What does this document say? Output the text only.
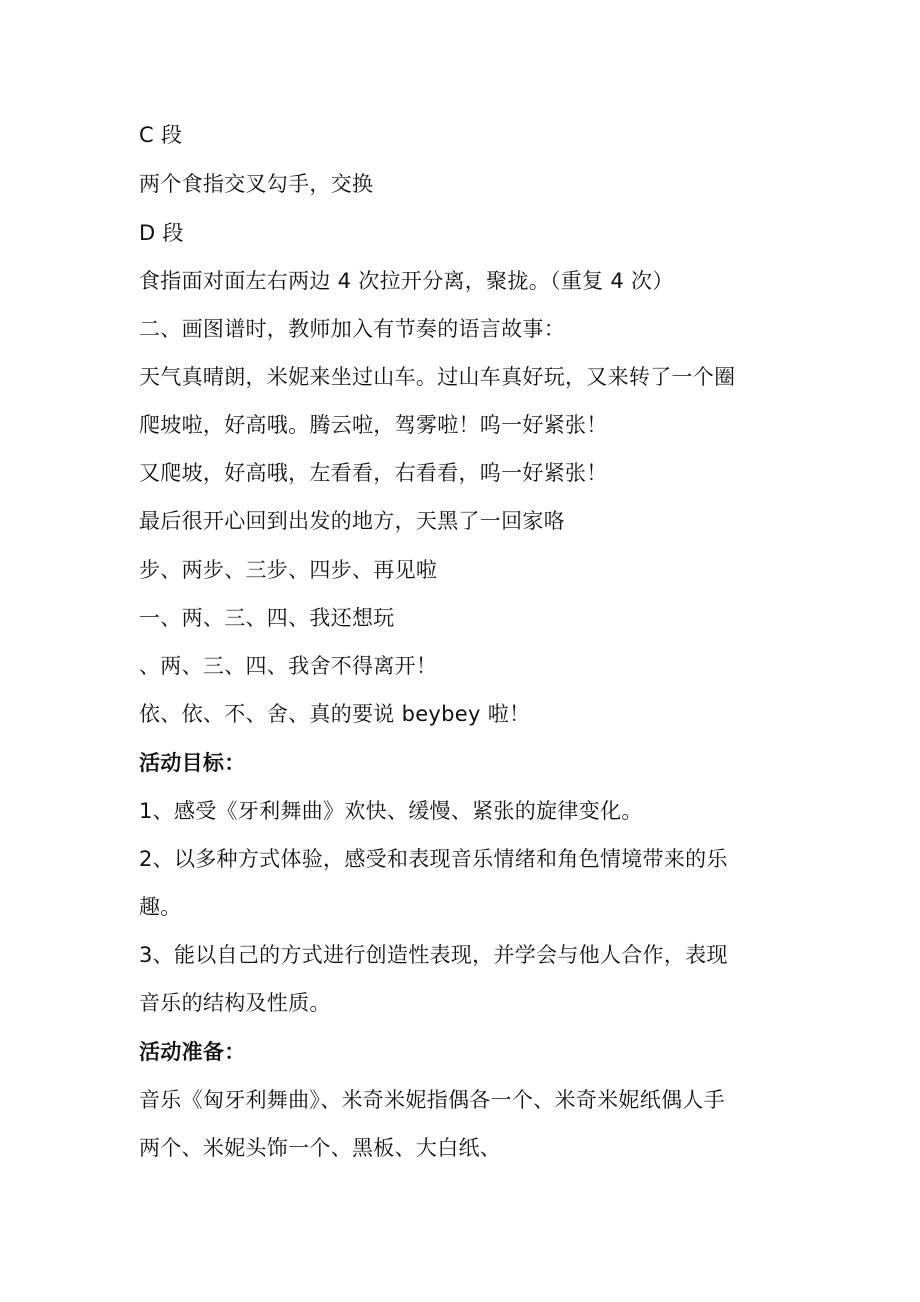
C 段
两个食指交叉勾手，交换
D 段
食指面对面左右两边 4 次拉开分离，聚拢。（重复 4 次）
二、画图谱时，教师加入有节奏的语言故事：
天气真晴朗，米妮来坐过山车。过山车真好玩，又来转了一个圈
爬坡啦，好高哦。腾云啦，驾雾啦！呜一好紧张！
又爬坡，好高哦，左看看，右看看，呜一好紧张！
最后很开心回到出发的地方，天黑了一回家咯
步、两步、三步、四步、再见啦
一、两、三、四、我还想玩
、两、三、四、我舍不得离开！
依、依、不、舍、真的要说 beybey 啦！
活动目标：
1、感受《牙利舞曲》欢快、缓慢、紧张的旋律变化。
2、以多种方式体验，感受和表现音乐情绪和角色情境带来的乐
趣。
3、能以自己的方式进行创造性表现，并学会与他人合作，表现
音乐的结构及性质。
活动准备：
音乐《匈牙利舞曲》、米奇米妮指偶各一个、米奇米妮纸偶人手
两个、米妮头饰一个、黑板、大白纸、
